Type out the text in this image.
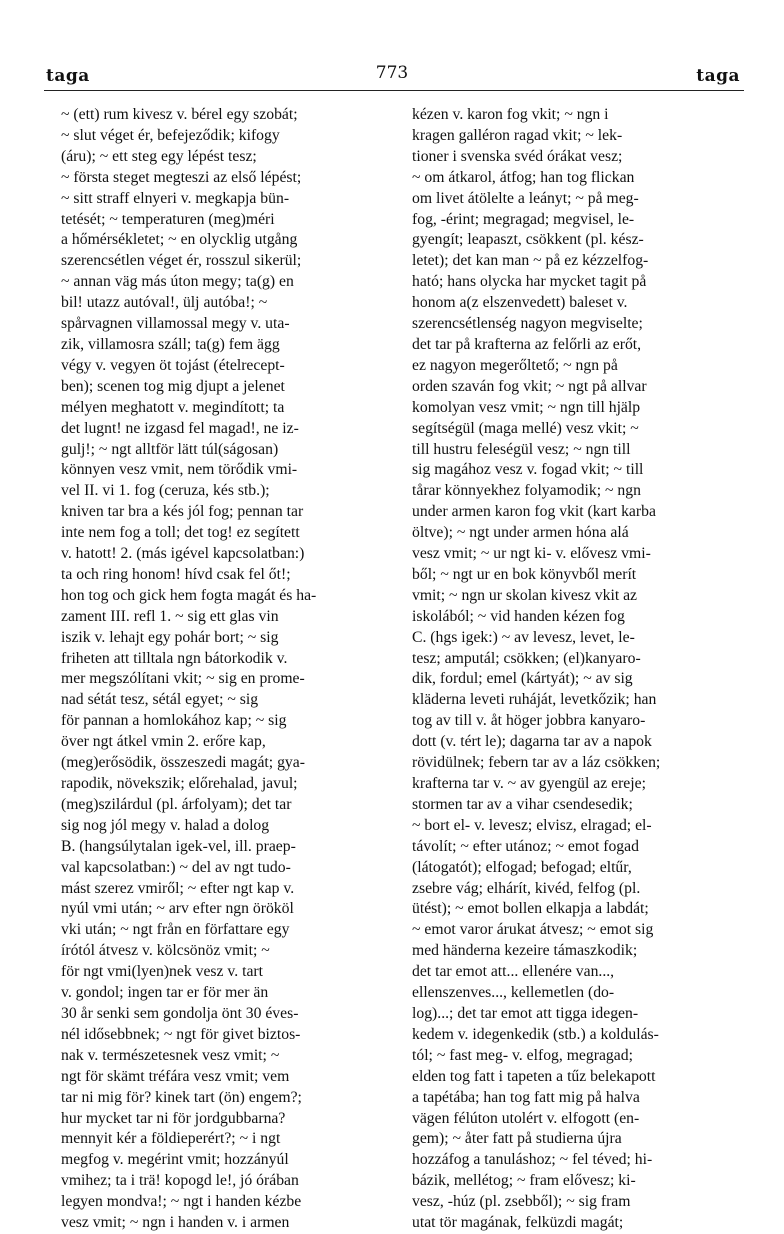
taga	773	taga
~ (ett) rum kivesz v. bérel egy szobát;
~ slut véget ér, befejeződik; kifogy
(áru); ~ ett steg egy lépést tesz;
~ första steget megteszi az első lépést;
~ sitt straff elnyeri v. megkapja bün-
tetését; ~ temperaturen (meg)méri
a hőmérsékletet; ~ en olycklig utgång
szerencsétlen véget ér, rosszul sikerül;
~ annan väg más úton megy; ta(g) en
bil! utazz autóval!, ülj autóba!; ~
spårvagnen villamossal megy v. uta-
zik, villamosra száll; ta(g) fem ägg
végy v. vegyen öt tojást (ételrecept-
ben); scenen tog mig djupt a jelenet
mélyen meghatott v. megindított; ta
det lugnt! ne izgasd fel magad!, ne iz-
gulj!; ~ ngt alltför lätt túl(ságosan)
könnyen vesz vmit, nem törődik vmi-
vel II. vi 1. fog (ceruza, kés stb.);
kniven tar bra a kés jól fog; pennan tar
inte nem fog a toll; det tog! ez segített
v. hatott! 2. (más igével kapcsolatban:)
ta och ring honom! hívd csak fel őt!;
hon tog och gick hem fogta magát és ha-
zament III. refl 1. ~ sig ett glas vin
iszik v. lehajt egy pohár bort; ~ sig
friheten att tilltala ngn bátorkodik v.
mer megszólítani vkit; ~ sig en prome-
nad sétát tesz, sétál egyet; ~ sig
för pannan a homlokához kap; ~ sig
över ngt átkel vmin 2. erőre kap,
(meg)erősödik, összeszedi magát; gya-
rapodik, növekszik; előrehalad, javul;
(meg)szilárdul (pl. árfolyam); det tar
sig nog jól megy v. halad a dolog
B. (hangsúlytalan igek-vel, ill. praep-
val kapcsolatban:) ~ del av ngt tudo-
mást szerez vmiről; ~ efter ngt kap v.
nyúl vmi után; ~ arv efter ngn örököl
vki után; ~ ngt från en författare egy
írótól átvesz v. kölcsönöz vmit; ~
för ngt vmi(lyen)nek vesz v. tart
v. gondol; ingen tar er för mer än
30 år senki sem gondolja önt 30 éves-
nél idősebbnek; ~ ngt för givet biztos-
nak v. természetesnek vesz vmit; ~
ngt för skämt tréfára vesz vmit; vem
tar ni mig för? kinek tart (ön) engem?;
hur mycket tar ni för jordgubbarna?
mennyit kér a földieperért?; ~ i ngt
megfog v. megérint vmit; hozzányúl
vmihez; ta i trä! kopogd le!, jó órában
legyen mondva!; ~ ngt i handen kézbe
vesz vmit; ~ ngn i handen v. i armen
kézen v. karon fog vkit; ~ ngn i
kragen galléron ragad vkit; ~ lek-
tioner i svenska svéd órákat vesz;
~ om átkarol, átfog; han tog flickan
om livet átölelte a leányt; ~ på meg-
fog, -érint; megragad; megvisel, le-
gyengít; leapaszt, csökkent (pl. kész-
letet); det kan man ~ på ez kézzelfog-
ható; hans olycka har mycket tagit på
honom a(z elszenvedett) baleset v.
szerencsétlenség nagyon megviselte;
det tar på krafterna az felőrli az erőt,
ez nagyon megerőltető; ~ ngn på
orden szaván fog vkit; ~ ngt på allvar
komolyan vesz vmit; ~ ngn till hjälp
segítségül (maga mellé) vesz vkit; ~
till hustru feleségül vesz; ~ ngn till
sig magához vesz v. fogad vkit; ~ till
tårar könnyekhez folyamodik; ~ ngn
under armen karon fog vkit (kart karba
öltve); ~ ngt under armen hóna alá
vesz vmit; ~ ur ngt ki- v. elővesz vmi-
ből; ~ ngt ur en bok könyvből merít
vmit; ~ ngn ur skolan kivesz vkit az
iskolából; ~ vid handen kézen fog
C. (hgs igek:) ~ av levesz, levet, le-
tesz; amputál; csökken; (el)kanyaro-
dik, fordul; emel (kártyát); ~ av sig
kläderna leveti ruháját, levetkőzik; han
tog av till v. åt höger jobbra kanyaro-
dott (v. tért le); dagarna tar av a napok
rövidülnek; febern tar av a láz csökken;
krafterna tar v. ~ av gyengül az ereje;
stormen tar av a vihar csendesedik;
~ bort el- v. levesz; elvisz, elragad; el-
távolít; ~ efter utánoz; ~ emot fogad
(látogatót); elfogad; befogad; eltűr,
zsebre vág; elhárít, kivéd, felfog (pl.
ütést); ~ emot bollen elkapja a labdát;
~ emot varor árukat átvesz; ~ emot sig
med händerna kezeire támaszkodik;
det tar emot att... ellenére van...,
ellenszenves..., kellemetlen (do-
log)...; det tar emot att tigga idegen-
kedem v. idegenkedik (stb.) a koldulás-
tól; ~ fast meg- v. elfog, megragad;
elden tog fatt i tapeten a tűz belekapott
a tapétába; han tog fatt mig på halva
vägen félúton utolért v. elfogott (en-
gem); ~ åter fatt på studierna újra
hozzáfog a tanuláshoz; ~ fel téved; hi-
bázik, mellétog; ~ fram elővesz; ki-
vesz, -húz (pl. zsebből); ~ sig fram
utat tör magának, felküzdi magát;
